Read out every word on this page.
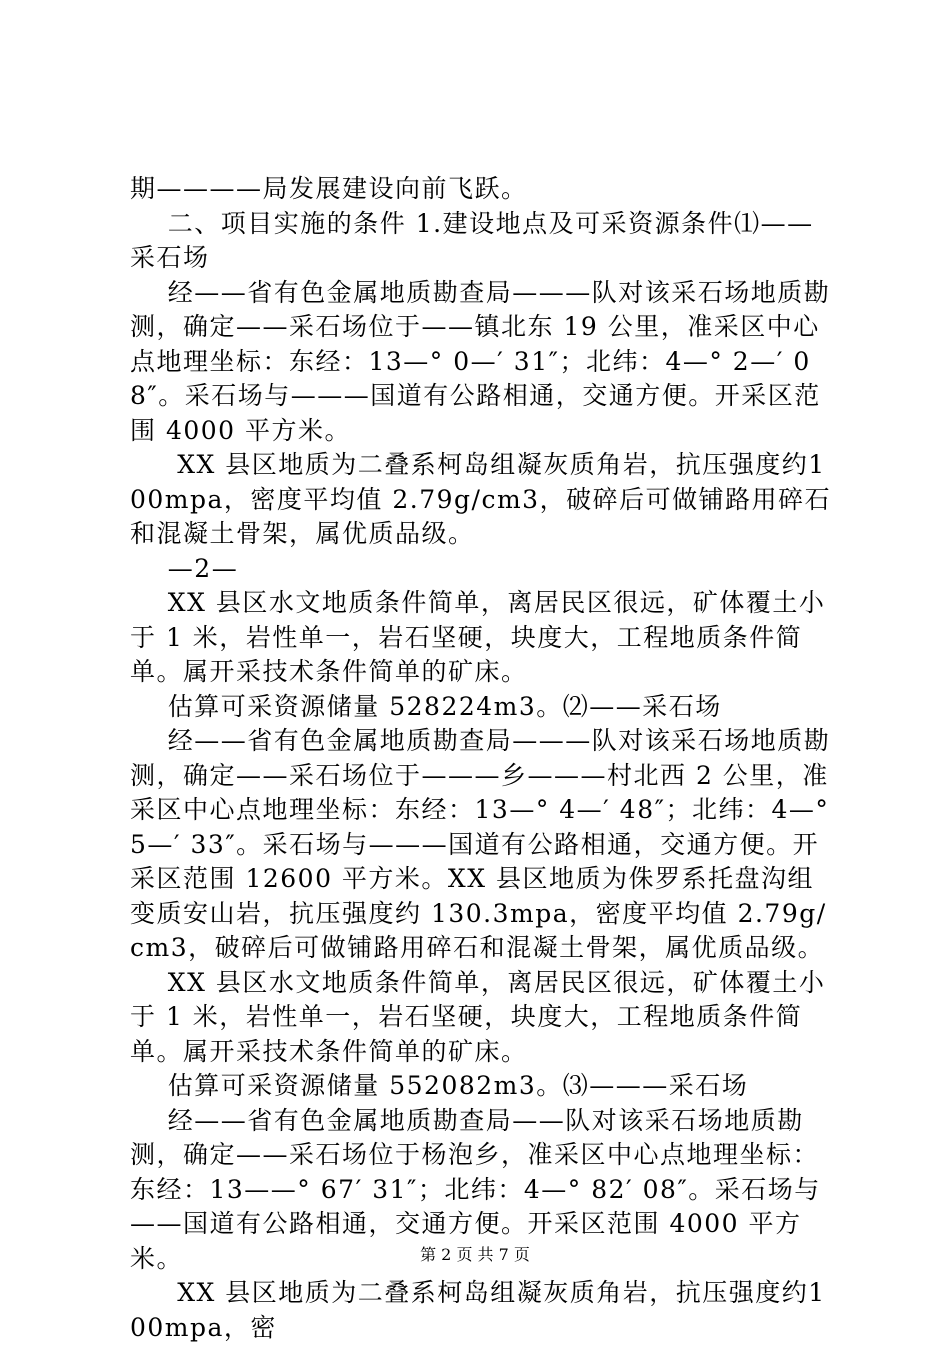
期————局发展建设向前飞跃。

二、项目实施的条件 1.建设地点及可采资源条件⑴——采石场

经——省有色金属地质勘查局———队对该采石场地质勘测，确定——采石场位于——镇北东 19 公里，准采区中心点地理坐标：东经：13—° 0—′ 31″；北纬：4—° 2—′ 08″。采石场与———国道有公路相通，交通方便。开采区范围 4000 平方米。

XX 县区地质为二叠系柯岛组凝灰质角岩，抗压强度约100mpa，密度平均值 2.79g/cm3，破碎后可做铺路用碎石和混凝土骨架，属优质品级。

—2—

XX 县区水文地质条件简单，离居民区很远，矿体覆土小于 1 米，岩性单一，岩石坚硬，块度大，工程地质条件简单。属开采技术条件简单的矿床。

估算可采资源储量 528224m3。⑵——采石场

经——省有色金属地质勘查局———队对该采石场地质勘测，确定——采石场位于———乡———村北西 2 公里，准采区中心点地理坐标：东经：13—° 4—′ 48″；北纬：4—° 5—′ 33″。采石场与———国道有公路相通，交通方便。开采区范围 12600 平方米。XX 县区地质为侏罗系托盘沟组变质安山岩，抗压强度约 130.3mpa，密度平均值 2.79g/cm3，破碎后可做铺路用碎石和混凝土骨架，属优质品级。

XX 县区水文地质条件简单，离居民区很远，矿体覆土小于 1 米，岩性单一，岩石坚硬，块度大，工程地质条件简单。属开采技术条件简单的矿床。

估算可采资源储量 552082m3。⑶———采石场

经——省有色金属地质勘查局——队对该采石场地质勘测，确定——采石场位于杨泡乡，准采区中心点地理坐标：东经：13——° 67′ 31″；北纬：4—° 82′ 08″。采石场与——国道有公路相通，交通方便。开采区范围 4000 平方米。

XX 县区地质为二叠系柯岛组凝灰质角岩，抗压强度约100mpa，密

第 2 页 共 7 页
